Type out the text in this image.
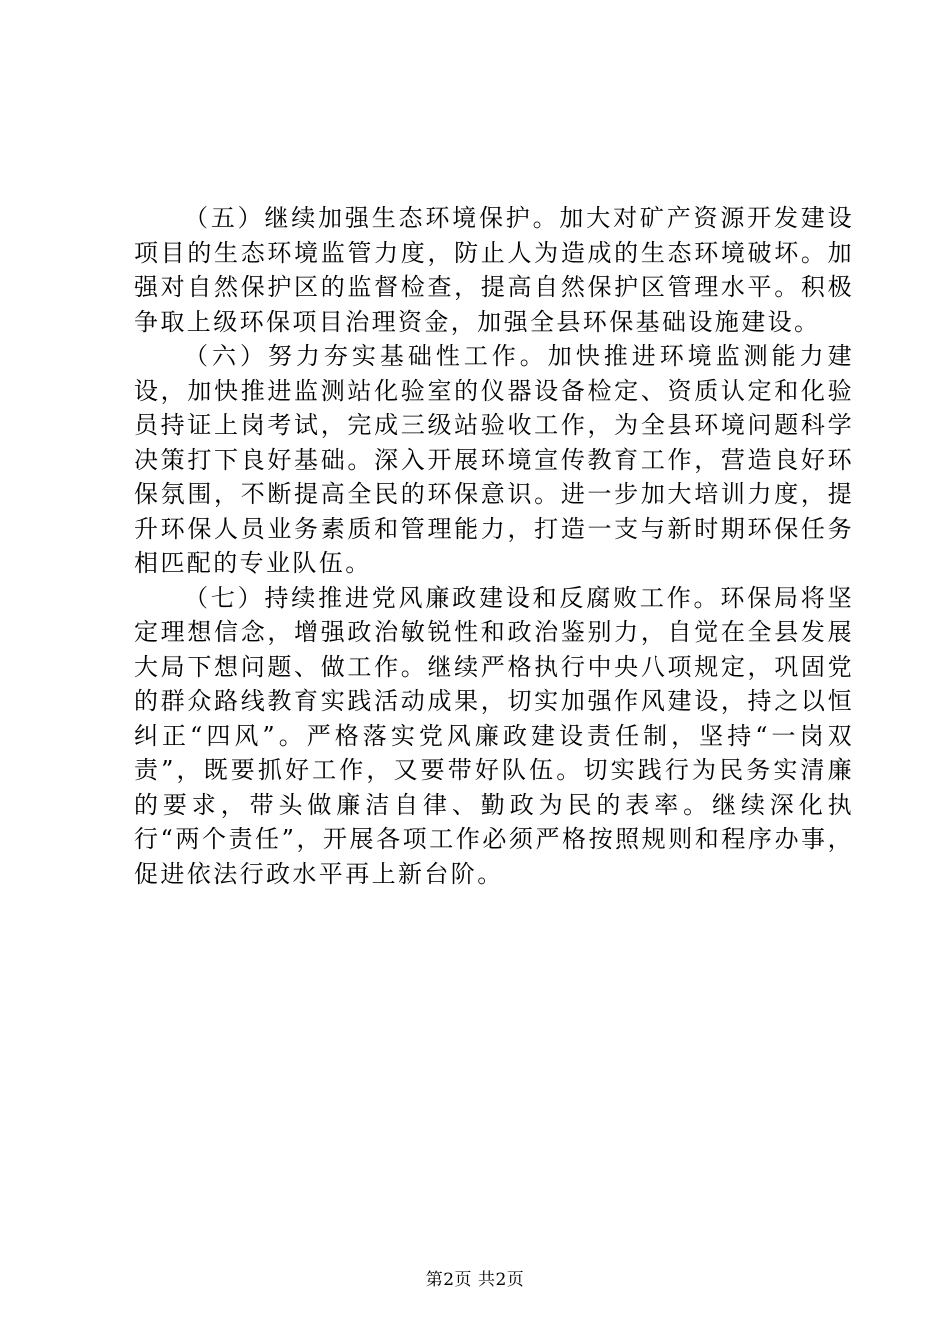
（五）继续加强生态环境保护。加大对矿产资源开发建设项目的生态环境监管力度，防止人为造成的生态环境破坏。加强对自然保护区的监督检查，提高自然保护区管理水平。积极争取上级环保项目治理资金，加强全县环保基础设施建设。

（六）努力夯实基础性工作。加快推进环境监测能力建设，加快推进监测站化验室的仪器设备检定、资质认定和化验员持证上岗考试，完成三级站验收工作，为全县环境问题科学决策打下良好基础。深入开展环境宣传教育工作，营造良好环保氛围，不断提高全民的环保意识。进一步加大培训力度，提升环保人员业务素质和管理能力，打造一支与新时期环保任务相匹配的专业队伍。

（七）持续推进党风廉政建设和反腐败工作。环保局将坚定理想信念，增强政治敏锐性和政治鉴别力，自觉在全县发展大局下想问题、做工作。继续严格执行中央八项规定，巩固党的群众路线教育实践活动成果，切实加强作风建设，持之以恒纠正“四风”。严格落实党风廉政建设责任制，坚持“一岗双责”，既要抓好工作，又要带好队伍。切实践行为民务实清廉的要求，带头做廉洁自律、勤政为民的表率。继续深化执行“两个责任”，开展各项工作必须严格按照规则和程序办事，促进依法行政水平再上新台阶。

第2页 共2页
